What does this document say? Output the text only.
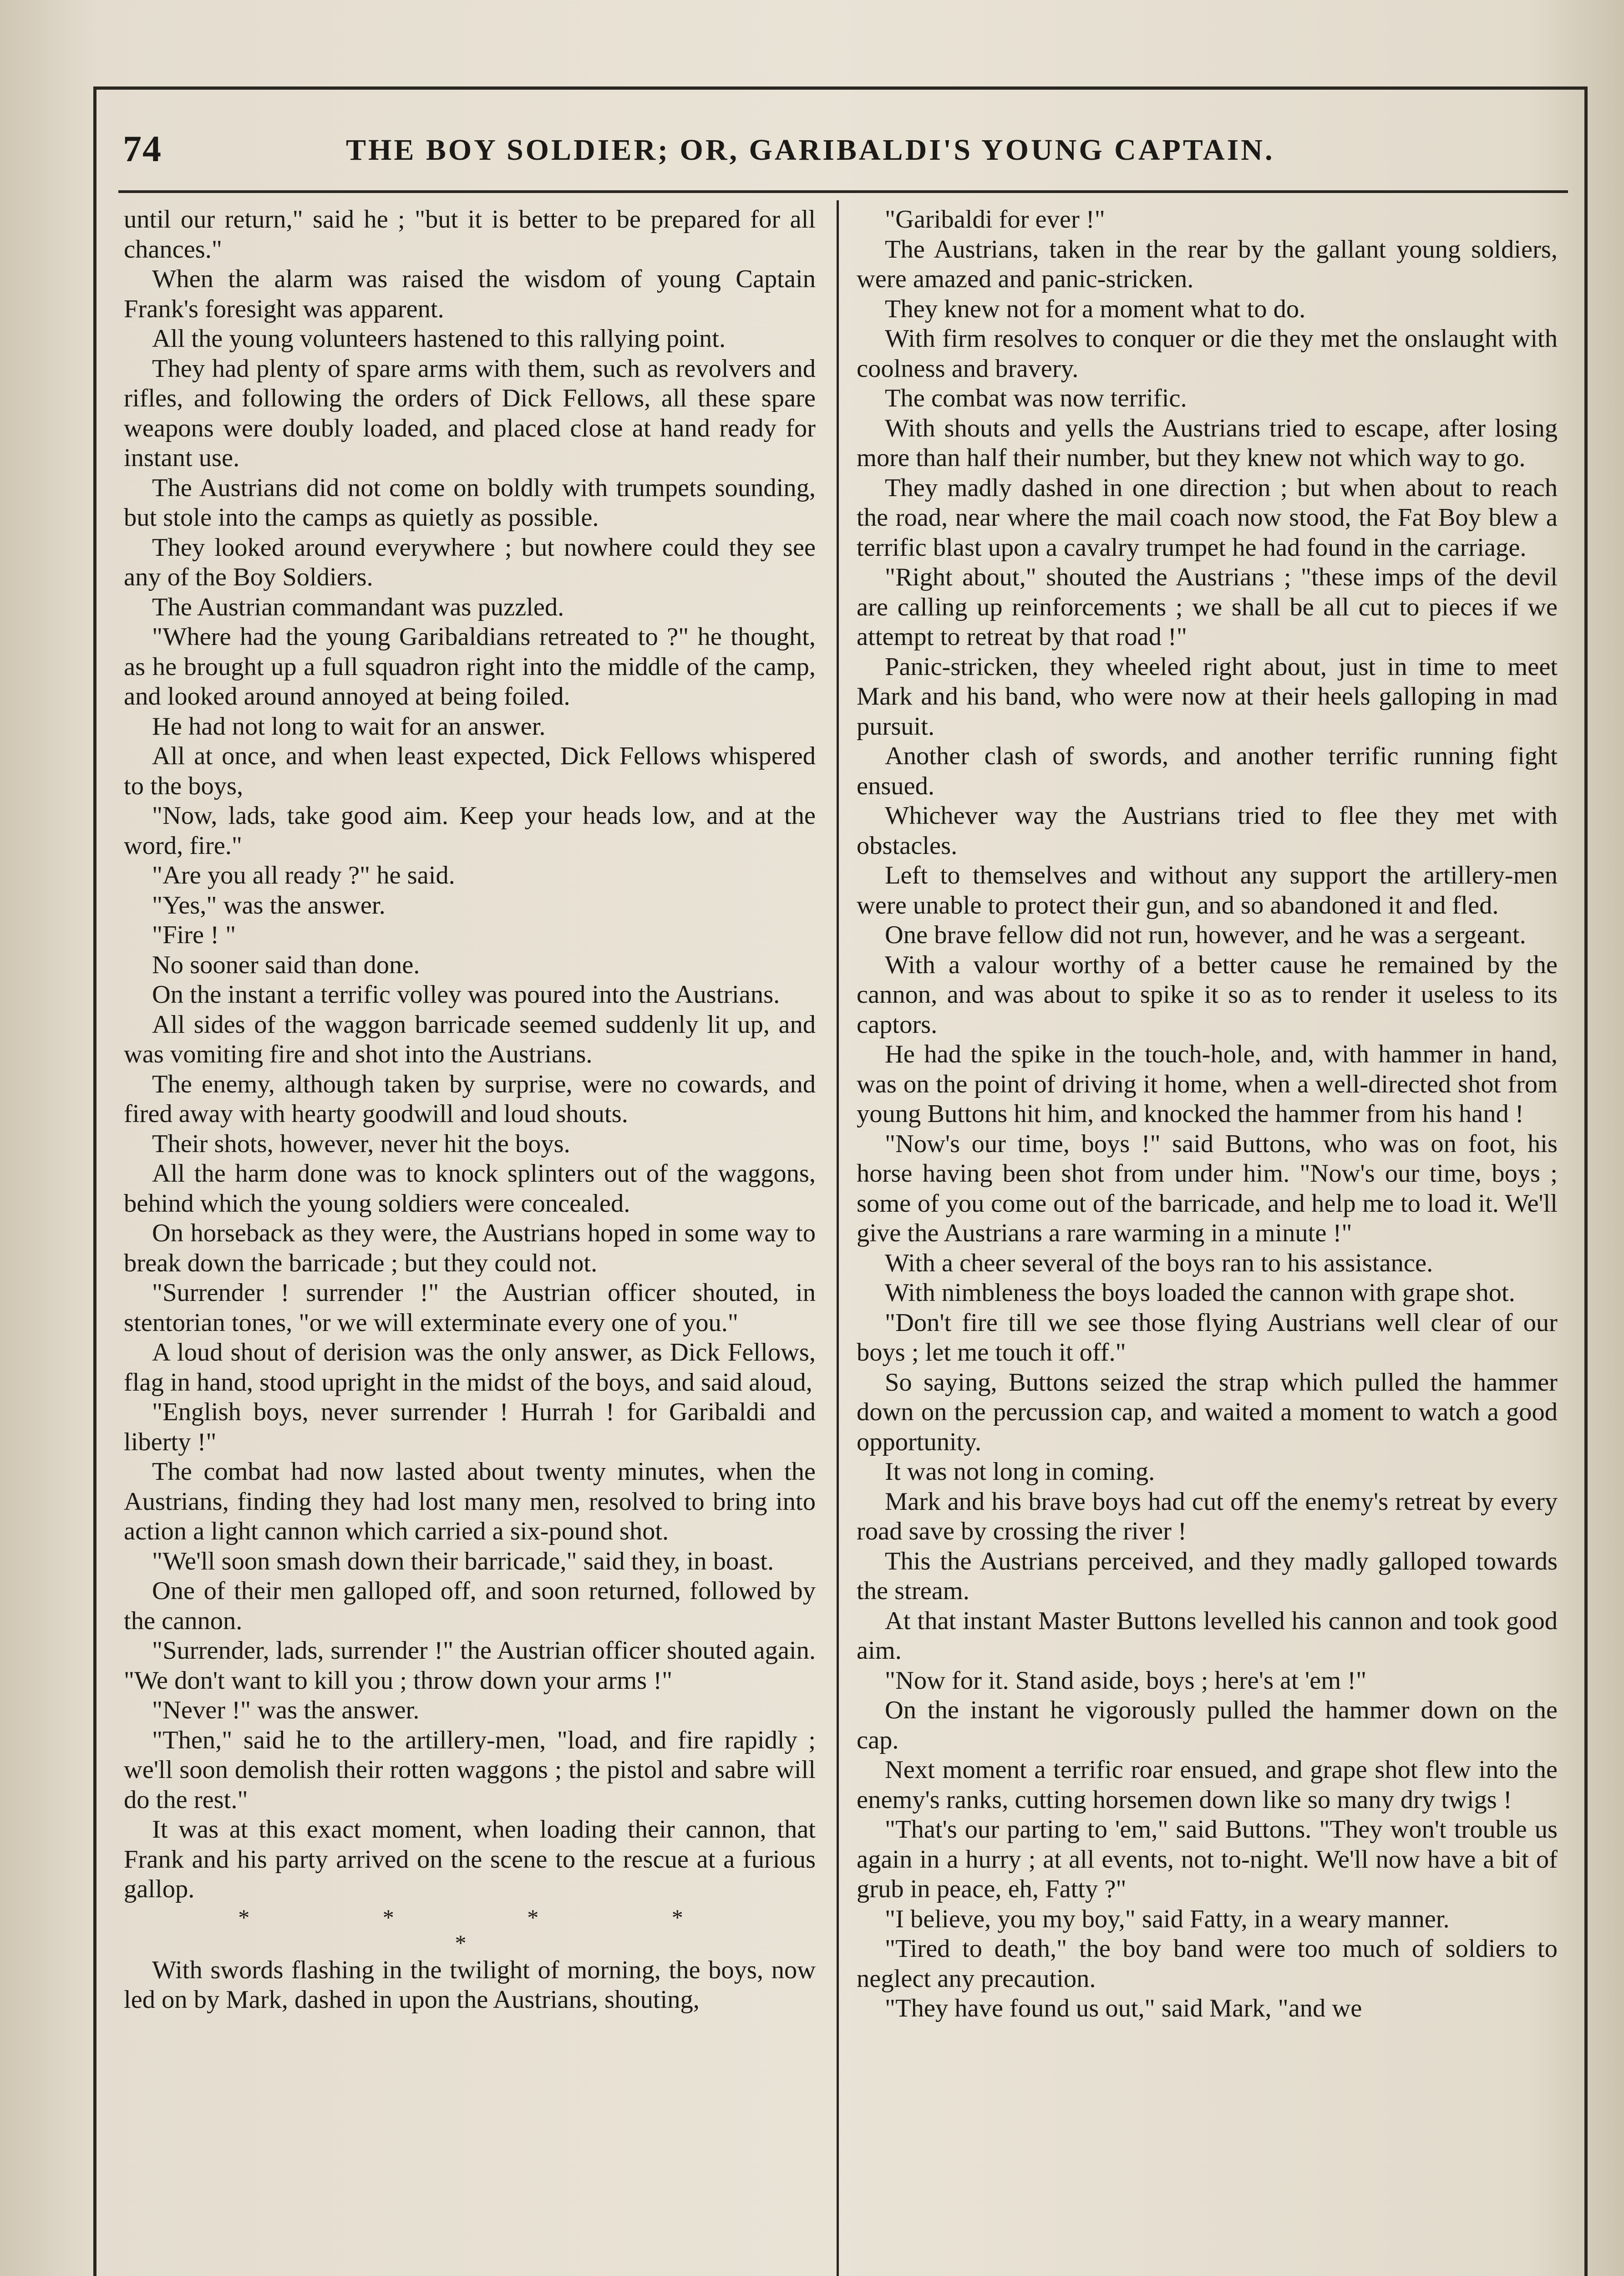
74	THE BOY SOLDIER; OR, GARIBALDI'S YOUNG CAPTAIN.

until our return," said he ; "but it is better to be prepared for all chances."

When the alarm was raised the wisdom of young Captain Frank's foresight was apparent.

All the young volunteers hastened to this rallying point.

They had plenty of spare arms with them, such as revolvers and rifles, and following the orders of Dick Fellows, all these spare weapons were doubly loaded, and placed close at hand ready for instant use.

The Austrians did not come on boldly with trumpets sounding, but stole into the camps as quietly as possible.

They looked around everywhere ; but nowhere could they see any of the Boy Soldiers.

The Austrian commandant was puzzled.

"Where had the young Garibaldians retreated to ?" he thought, as he brought up a full squadron right into the middle of the camp, and looked around annoyed at being foiled.

He had not long to wait for an answer.

All at once, and when least expected, Dick Fellows whispered to the boys,

"Now, lads, take good aim. Keep your heads low, and at the word, fire."

"Are you all ready ?" he said.

"Yes," was the answer.

"Fire ! "

No sooner said than done.

On the instant a terrific volley was poured into the Austrians.

All sides of the waggon barricade seemed suddenly lit up, and was vomiting fire and shot into the Austrians.

The enemy, although taken by surprise, were no cowards, and fired away with hearty goodwill and loud shouts.

Their shots, however, never hit the boys.

All the harm done was to knock splinters out of the waggons, behind which the young soldiers were concealed.

On horseback as they were, the Austrians hoped in some way to break down the barricade ; but they could not.

"Surrender ! surrender !" the Austrian officer shouted, in stentorian tones, "or we will exterminate every one of you."

A loud shout of derision was the only answer, as Dick Fellows, flag in hand, stood upright in the midst of the boys, and said aloud,

"English boys, never surrender ! Hurrah ! for Garibaldi and liberty !"

The combat had now lasted about twenty minutes, when the Austrians, finding they had lost many men, resolved to bring into action a light cannon which carried a six-pound shot.

"We'll soon smash down their barricade," said they, in boast.

One of their men galloped off, and soon returned, followed by the cannon.

"Surrender, lads, surrender !" the Austrian officer shouted again. "We don't want to kill you ; throw down your arms !"

"Never !" was the answer.

"Then," said he to the artillery-men, "load, and fire rapidly ; we'll soon demolish their rotten waggons ; the pistol and sabre will do the rest."

It was at this exact moment, when loading their cannon, that Frank and his party arrived on the scene to the rescue at a furious gallop.

* * * * *

With swords flashing in the twilight of morning, the boys, now led on by Mark, dashed in upon the Austrians, shouting,

"Garibaldi for ever !"

The Austrians, taken in the rear by the gallant young soldiers, were amazed and panic-stricken.

They knew not for a moment what to do.

With firm resolves to conquer or die they met the onslaught with coolness and bravery.

The combat was now terrific.

With shouts and yells the Austrians tried to escape, after losing more than half their number, but they knew not which way to go.

They madly dashed in one direction ; but when about to reach the road, near where the mail coach now stood, the Fat Boy blew a terrific blast upon a cavalry trumpet he had found in the carriage.

"Right about," shouted the Austrians ; "these imps of the devil are calling up reinforcements ; we shall be all cut to pieces if we attempt to retreat by that road !"

Panic-stricken, they wheeled right about, just in time to meet Mark and his band, who were now at their heels galloping in mad pursuit.

Another clash of swords, and another terrific running fight ensued.

Whichever way the Austrians tried to flee they met with obstacles.

Left to themselves and without any support the artillery-men were unable to protect their gun, and so abandoned it and fled.

One brave fellow did not run, however, and he was a sergeant.

With a valour worthy of a better cause he remained by the cannon, and was about to spike it so as to render it useless to its captors.

He had the spike in the touch-hole, and, with hammer in hand, was on the point of driving it home, when a well-directed shot from young Buttons hit him, and knocked the hammer from his hand !

"Now's our time, boys !" said Buttons, who was on foot, his horse having been shot from under him. "Now's our time, boys ; some of you come out of the barricade, and help me to load it. We'll give the Austrians a rare warming in a minute !"

With a cheer several of the boys ran to his assistance.

With nimbleness the boys loaded the cannon with grape shot.

"Don't fire till we see those flying Austrians well clear of our boys ; let me touch it off."

So saying, Buttons seized the strap which pulled the hammer down on the percussion cap, and waited a moment to watch a good opportunity.

It was not long in coming.

Mark and his brave boys had cut off the enemy's retreat by every road save by crossing the river !

This the Austrians perceived, and they madly galloped towards the stream.

At that instant Master Buttons levelled his cannon and took good aim.

"Now for it. Stand aside, boys ; here's at 'em !"

On the instant he vigorously pulled the hammer down on the cap.

Next moment a terrific roar ensued, and grape shot flew into the enemy's ranks, cutting horsemen down like so many dry twigs !

"That's our parting to 'em," said Buttons. "They won't trouble us again in a hurry ; at all events, not to-night. We'll now have a bit of grub in peace, eh, Fatty ?"

"I believe, you my boy," said Fatty, in a weary manner.

"Tired to death," the boy band were too much of soldiers to neglect any precaution.

"They have found us out," said Mark, "and we
